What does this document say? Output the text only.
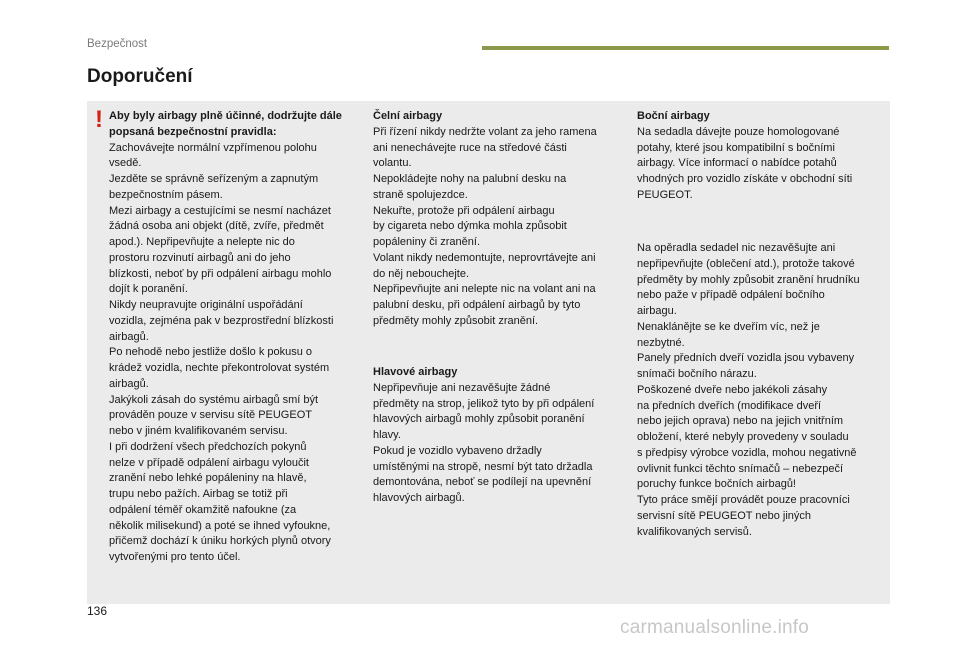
Bezpečnost
Doporučení
! Aby byly airbagy plně účinné, dodržujte dále popsaná bezpečnostní pravidla:
Zachovávejte normální vzpřímenou polohu
vsedě.
Jezděte se správně seřízeným a zapnutým
bezpečnostním pásem.
Mezi airbagy a cestujícími se nesmí nacházet
žádná osoba ani objekt (dítě, zvíře, předmět
apod.). Nepřipevňujte a nelepte nic do
prostoru rozvinutí airbagů ani do jeho
blízkosti, neboť by při odpálení airbagu mohlo
dojít k poranění.
Nikdy neupravujte originální uspořádání
vozidla, zejména pak v bezprostřední blízkosti
airbagů.
Po nehodě nebo jestliže došlo k pokusu o
krádež vozidla, nechte překontrolovat systém
airbagů.
Jakýkoli zásah do systému airbagů smí být
prováděn pouze v servisu sítě PEUGEOT
nebo v jiném kvalifikovaném servisu.
I při dodržení všech předchozích pokynů
nelze v případě odpálení airbagu vyloučit
zranění nebo lehké popáleniny na hlavě,
trupu nebo pažích. Airbag se totiž při
odpálení téměř okamžitě nafoukne (za
několik milisekund) a poté se ihned vyfoukne,
přičemž dochází k úniku horkých plynů otvory
vytvořenými pro tento účel.
Čelní airbagy
Při řízení nikdy nedržte volant za jeho ramena
ani nenechávejte ruce na středové části
volantu.
Nepokládejte nohy na palubní desku na
straně spolujezdce.
Nekuřte, protože při odpálení airbagu
by cigareta nebo dýmka mohla způsobit
popáleniny či zranění.
Volant nikdy nedemontujte, neprovrtávejte ani
do něj nebouchejte.
Nepřipevňujte ani nelepte nic na volant ani na
palubní desku, při odpálení airbagů by tyto
předměty mohly způsobit zranění.
Hlavové airbagy
Nepřipevňuje ani nezavěšujte žádné
předměty na strop, jelikož tyto by při odpálení
hlavových airbagů mohly způsobit poranění
hlavy.
Pokud je vozidlo vybaveno držadly
umístěnými na stropě, nesmí být tato držadla
demontována, neboť se podílejí na upevnění
hlavových airbagů.
Boční airbagy
Na sedadla dávejte pouze homologované
potahy, které jsou kompatibilní s bočními
airbagy. Více informací o nabídce potahů
vhodných pro vozidlo získáte v obchodní síti
PEUGEOT.
Na opěradla sedadel nic nezavěšujte ani
nepřipevňujte (oblečení atd.), protože takové
předměty by mohly způsobit zranění hrudníku
nebo paže v případě odpálení bočního
airbagu.
Nenaklánějte se ke dveřím víc, než je
nezbytné.
Panely předních dveří vozidla jsou vybaveny
snímači bočního nárazu.
Poškozené dveře nebo jakékoli zásahy
na předních dveřích (modifikace dveří
nebo jejich oprava) nebo na jejich vnitřním
obložení, které nebyly provedeny v souladu
s předpisy výrobce vozidla, mohou negativně
ovlivnit funkci těchto snímačů – nebezpečí
poruchy funkce bočních airbagů!
Tyto práce smějí provádět pouze pracovníci
servisní sítě PEUGEOT nebo jiných
kvalifikovaných servisů.
136
carmanualsonline.info
